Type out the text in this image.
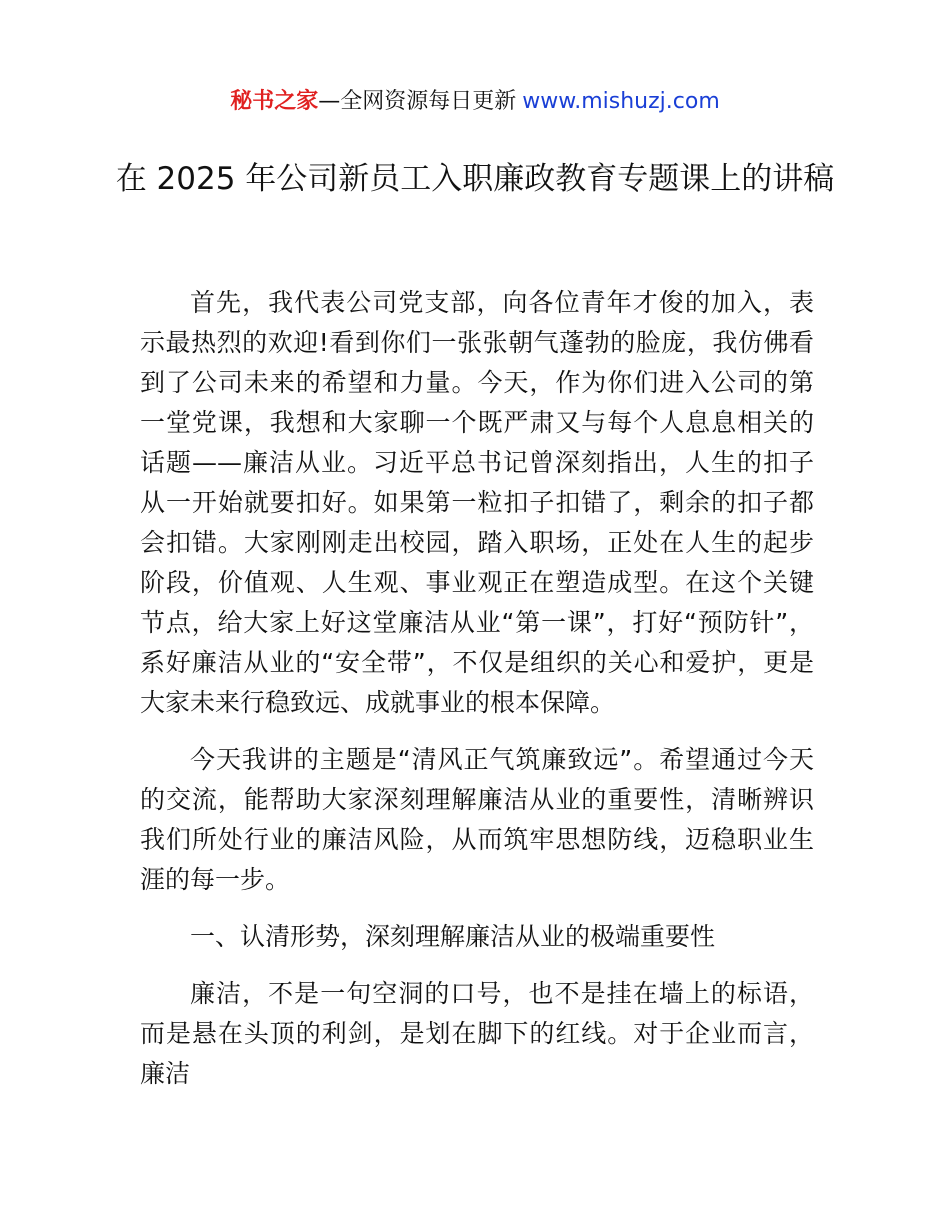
秘书之家—全网资源每日更新 www.mishuzj.com
在 2025 年公司新员工入职廉政教育专题课上的讲稿

首先，我代表公司党支部，向各位青年才俊的加入，表示最热烈的欢迎!看到你们一张张朝气蓬勃的脸庞，我仿佛看到了公司未来的希望和力量。今天，作为你们进入公司的第一堂党课，我想和大家聊一个既严肃又与每个人息息相关的话题——廉洁从业。习近平总书记曾深刻指出，人生的扣子从一开始就要扣好。如果第一粒扣子扣错了，剩余的扣子都会扣错。大家刚刚走出校园，踏入职场，正处在人生的起步阶段，价值观、人生观、事业观正在塑造成型。在这个关键节点，给大家上好这堂廉洁从业“第一课”，打好“预防针”，系好廉洁从业的“安全带”，不仅是组织的关心和爱护，更是大家未来行稳致远、成就事业的根本保障。

今天我讲的主题是“清风正气筑廉致远”。希望通过今天的交流，能帮助大家深刻理解廉洁从业的重要性，清晰辨识我们所处行业的廉洁风险，从而筑牢思想防线，迈稳职业生涯的每一步。

一、认清形势，深刻理解廉洁从业的极端重要性

廉洁，不是一句空洞的口号，也不是挂在墙上的标语，而是悬在头顶的利剑，是划在脚下的红线。对于企业而言，廉洁
